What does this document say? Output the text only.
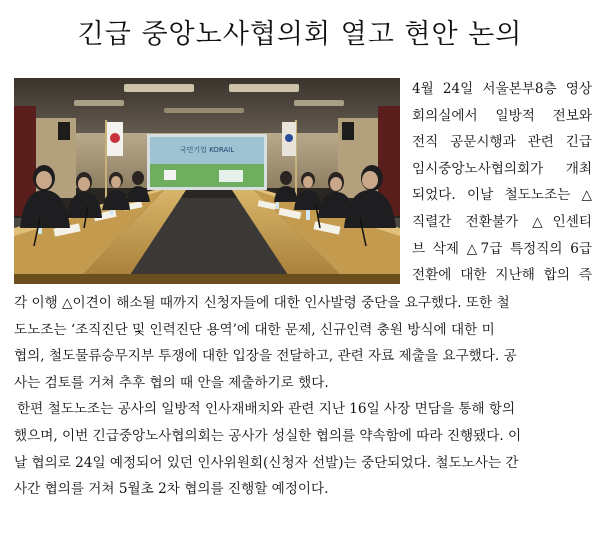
긴급 중앙노사협의회 열고 현안 논의
국민기업 KORAIL
4월 24일 서울본부8층 영상
회의실에서 일방적 전보와
전직 공문시행과 관련 긴급
임시중앙노사협의회가 개최
되었다. 이날 철도노조는 △
직렬간 전환불가 △인센티
브 삭제 △7급 특정직의 6급
전환에 대한 지난해 합의 즉
각 이행 △이견이 해소될 때까지 신청자들에 대한 인사발령 중단을 요구했다. 또한 철
도노조는 ‘조직진단 및 인력진단 용역’에 대한 문제, 신규인력 충원 방식에 대한 미
협의, 철도물류승무지부 투쟁에 대한 입장을 전달하고, 관련 자료 제출을 요구했다. 공
사는 검토를 거쳐 추후 협의 때 안을 제출하기로 했다.
한편 철도노조는 공사의 일방적 인사재배치와 관련 지난 16일 사장 면담을 통해 항의
했으며, 이번 긴급중앙노사협의회는 공사가 성실한 협의를 약속함에 따라 진행됐다. 이
날 협의로 24일 예정되어 있던 인사위원회(신청자 선발)는 중단되었다. 철도노사는 간
사간 협의를 거쳐 5월초 2차 협의를 진행할 예정이다.
